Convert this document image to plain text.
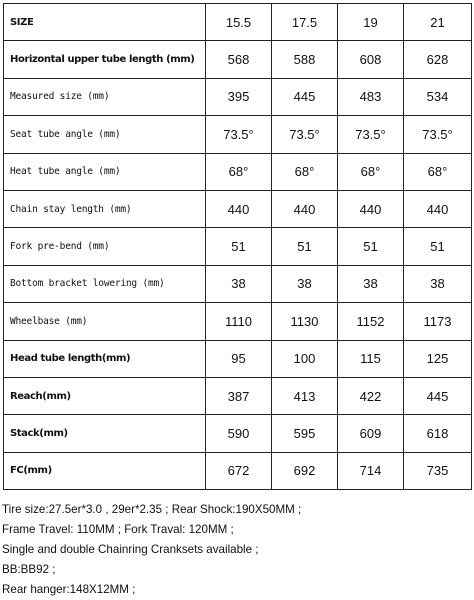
SIZE	15.5	17.5	19	21
Horizontal upper tube length (mm)	568	588	608	628
Measured size (mm)	395	445	483	534
Seat tube angle (mm)	73.5°	73.5°	73.5°	73.5°
Heat tube angle (mm)	68°	68°	68°	68°
Chain stay length (mm)	440	440	440	440
Fork pre-bend (mm)	51	51	51	51
Bottom bracket lowering (mm)	38	38	38	38
Wheelbase (mm)	1110	1130	1152	1173
Head tube length(mm)	95	100	115	125
Reach(mm)	387	413	422	445
Stack(mm)	590	595	609	618
FC(mm)	672	692	714	735
Tire size:27.5er*3.0 , 29er*2.35 ; Rear Shock:190X50MM ;
Frame Travel: 110MM ; Fork Traval: 120MM ;
Single and double Chainring Cranksets available ;
BB:BB92 ;
Rear hanger:148X12MM ;
